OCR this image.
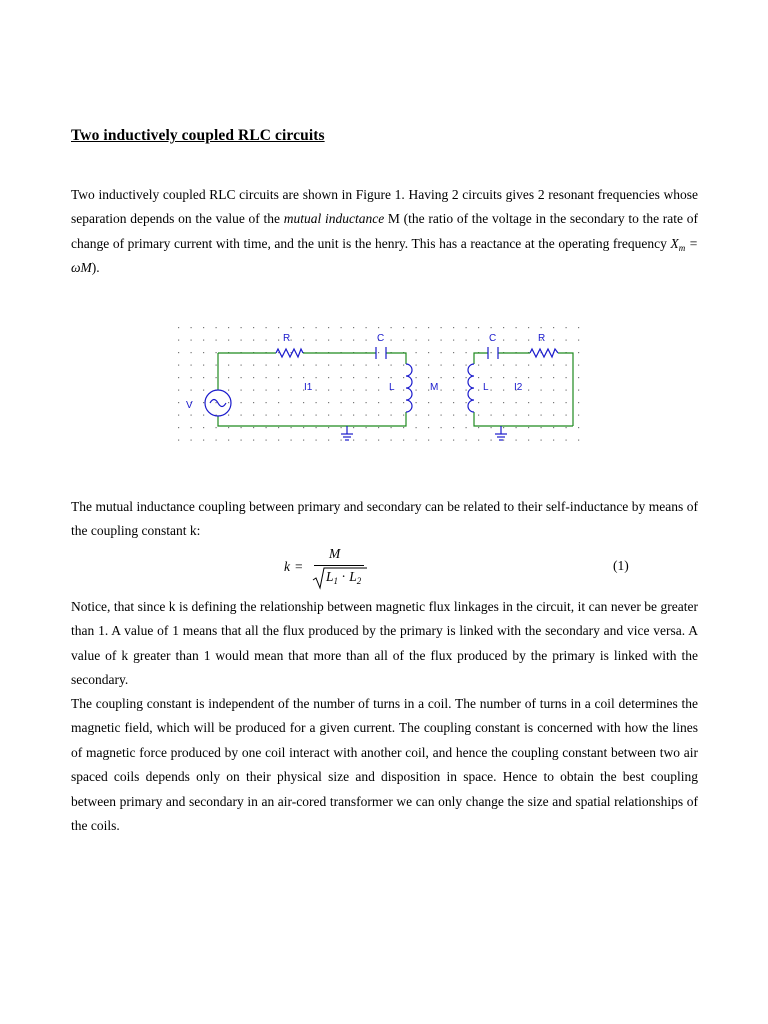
Two inductively coupled RLC circuits

Two inductively coupled RLC circuits are shown in Figure 1. Having 2 circuits gives 2 resonant frequencies whose separation depends on the value of the mutual inductance M (the ratio of the voltage in the secondary to the rate of change of primary current with time, and the unit is the henry. This has a reactance at the operating frequency $X_m = \omega M$).

R	C
I1	L
V
M
C	R
L	I2

The mutual inductance coupling between primary and secondary can be related to their self-inductance by means of the coupling constant k:

k =
M
$L_1 \cdot L_2$
(1)

Notice, that since k is defining the relationship between magnetic flux linkages in the circuit, it can never be greater than 1. A value of 1 means that all the flux produced by the primary is linked with the secondary and vice versa. A value of k greater than 1 would mean that more than all of the flux produced by the primary is linked with the secondary.

The coupling constant is independent of the number of turns in a coil. The number of turns in a coil determines the magnetic field, which will be produced for a given current. The coupling constant is concerned with how the lines of magnetic force produced by one coil interact with another coil, and hence the coupling constant between two air spaced coils depends only on their physical size and disposition in space. Hence to obtain the best coupling between primary and secondary in an air-cored transformer we can only change the size and spatial relationships of the coils.
